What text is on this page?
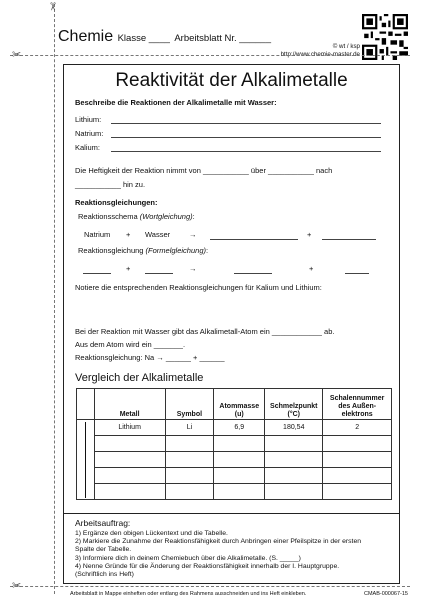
Chemie Klasse ____ Arbeitsblatt Nr. ______
© wt / ksp
http://www.chemie-master.de
✂
✂
✂
Reaktivität der Alkalimetalle
Beschreibe die Reaktionen der Alkalimetalle mit Wasser:
Lithium:
Natrium:
Kalium:
Die Heftigkeit der Reaktion nimmt von ___________ über ___________ nach
___________ hin zu.
Reaktionsgleichungen:
Reaktionsschema (Wortgleichung):
Natrium + Wasser	→	+
Reaktionsgleichung (Formelgleichung):
+	→	+
Notiere die entsprechenden Reaktionsgleichungen für Kalium und Lithium:
Bei der Reaktion mit Wasser gibt das Alkalimetall-Atom ein ____________ ab.
Aus dem Atom wird ein _______.
Reaktionsgleichung: Na → ______ + ______
Vergleich der Alkalimetalle
	Metall	Symbol	Atommasse (u)	Schmelzpunkt (°C)	Schalennummer des Außen-elektrons

	Lithium	Li	6,9	180,54	2

Arbeitsauftrag:
1) Ergänze den obigen Lückentext und die Tabelle.
2) Markiere die Zunahme der Reaktionsfähigkeit durch Anbringen einer Pfeilspitze in der ersten
Spalte der Tabelle.
3) Informiere dich in deinem Chemiebuch über die Alkalimetalle. (S. _____)
4) Nenne Gründe für die Änderung der Reaktionsfähigkeit innerhalb der I. Hauptgruppe.
(Schriftlich ins Heft)
Arbeitsblatt in Mappe einheften oder entlang des Rahmens ausschneiden und ins Heft einkleben.	CMAB-000067-15
